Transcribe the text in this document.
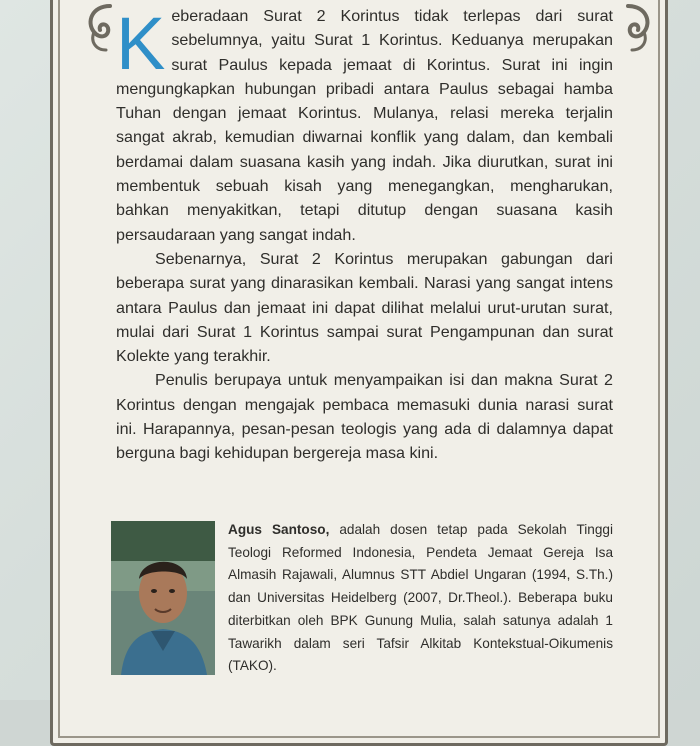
Keberadaan Surat 2 Korintus tidak terlepas dari surat sebelumnya, yaitu Surat 1 Korintus. Keduanya merupakan surat Paulus kepada jemaat di Korintus. Surat ini ingin mengungkapkan hubungan pribadi antara Paulus sebagai hamba Tuhan dengan jemaat Korintus. Mulanya, relasi mereka terjalin sangat akrab, kemudian diwarnai konflik yang dalam, dan kembali berdamai dalam suasana kasih yang indah. Jika diurutkan, surat ini membentuk sebuah kisah yang menegangkan, mengharukan, bahkan menyakitkan, tetapi ditutup dengan suasana kasih persaudaraan yang sangat indah.

Sebenarnya, Surat 2 Korintus merupakan gabungan dari beberapa surat yang dinarasikan kembali. Narasi yang sangat intens antara Paulus dan jemaat ini dapat dilihat melalui urut-urutan surat, mulai dari Surat 1 Korintus sampai surat Pengampunan dan surat Kolekte yang terakhir.

Penulis berupaya untuk menyampaikan isi dan makna Surat 2 Korintus dengan mengajak pembaca memasuki dunia narasi surat ini. Harapannya, pesan-pesan teologis yang ada di dalamnya dapat berguna bagi kehidupan bergereja masa kini.

Agus Santoso, adalah dosen tetap pada Sekolah Tinggi Teologi Reformed Indonesia, Pendeta Jemaat Gereja Isa Almasih Rajawali, Alumnus STT Abdiel Ungaran (1994, S.Th.) dan Universitas Heidelberg (2007, Dr.Theol.). Beberapa buku diterbitkan oleh BPK Gunung Mulia, salah satunya adalah 1 Tawarikh dalam seri Tafsir Alkitab Kontekstual-Oikumenis (TAKO).
